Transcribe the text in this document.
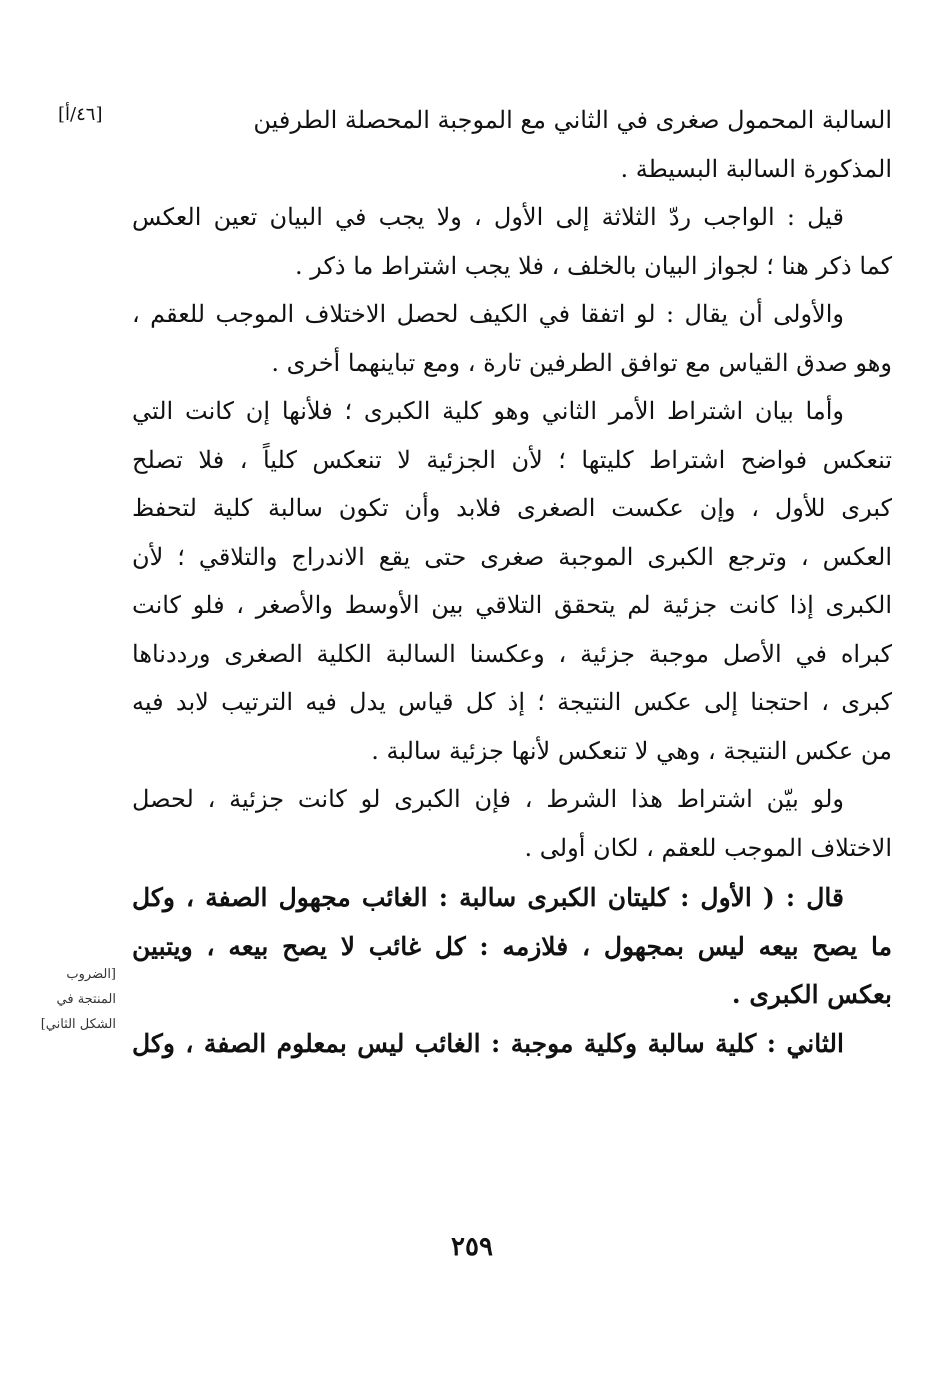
[٤٦/أ]	السالبة المحمول صغرى في الثاني مع الموجبة المحصلة الطرفين
المذكورة السالبة البسيطة .
قيل : الواجب ردّ الثلاثة إلى الأول ، ولا يجب في البيان تعين العكس
كما ذكر هنا ؛ لجواز البيان بالخلف ، فلا يجب اشتراط ما ذكر .
والأولى أن يقال : لو اتفقا في الكيف لحصل الاختلاف الموجب للعقم ،
وهو صدق القياس مع توافق الطرفين تارة ، ومع تباينهما أخرى .
وأما بيان اشتراط الأمر الثاني وهو كلية الكبرى ؛ فلأنها إن كانت التي
تنعكس فواضح اشتراط كليتها ؛ لأن الجزئية لا تنعكس كلياً ، فلا تصلح
كبرى للأول ، وإن عكست الصغرى فلابد وأن تكون سالبة كلية لتحفظ
العكس ، وترجع الكبرى الموجبة صغرى حتى يقع الاندراج والتلاقي ؛ لأن
الكبرى إذا كانت جزئية لم يتحقق التلاقي بين الأوسط والأصغر ، فلو كانت
كبراه في الأصل موجبة جزئية ، وعكسنا السالبة الكلية الصغرى ورددناها
كبرى ، احتجنا إلى عكس النتيجة ؛ إذ كل قياس يدل فيه الترتيب لابد فيه
من عكس النتيجة ، وهي لا تنعكس لأنها جزئية سالبة .
ولو بيّن اشتراط هذا الشرط ، فإن الكبرى لو كانت جزئية ، لحصل
الاختلاف الموجب للعقم ، لكان أولى .
قال : ( الأول : كليتان الكبرى سالبة : الغائب مجهول الصفة ، وكل
ما يصح بيعه ليس بمجهول ، فلازمه : كل غائب لا يصح بيعه ، ويتبين
بعكس الكبرى .
الثاني : كلية سالبة وكلية موجبة : الغائب ليس بمعلوم الصفة ، وكل
[الضروب
المنتجة في
الشكل الثاني]
٢٥٩
